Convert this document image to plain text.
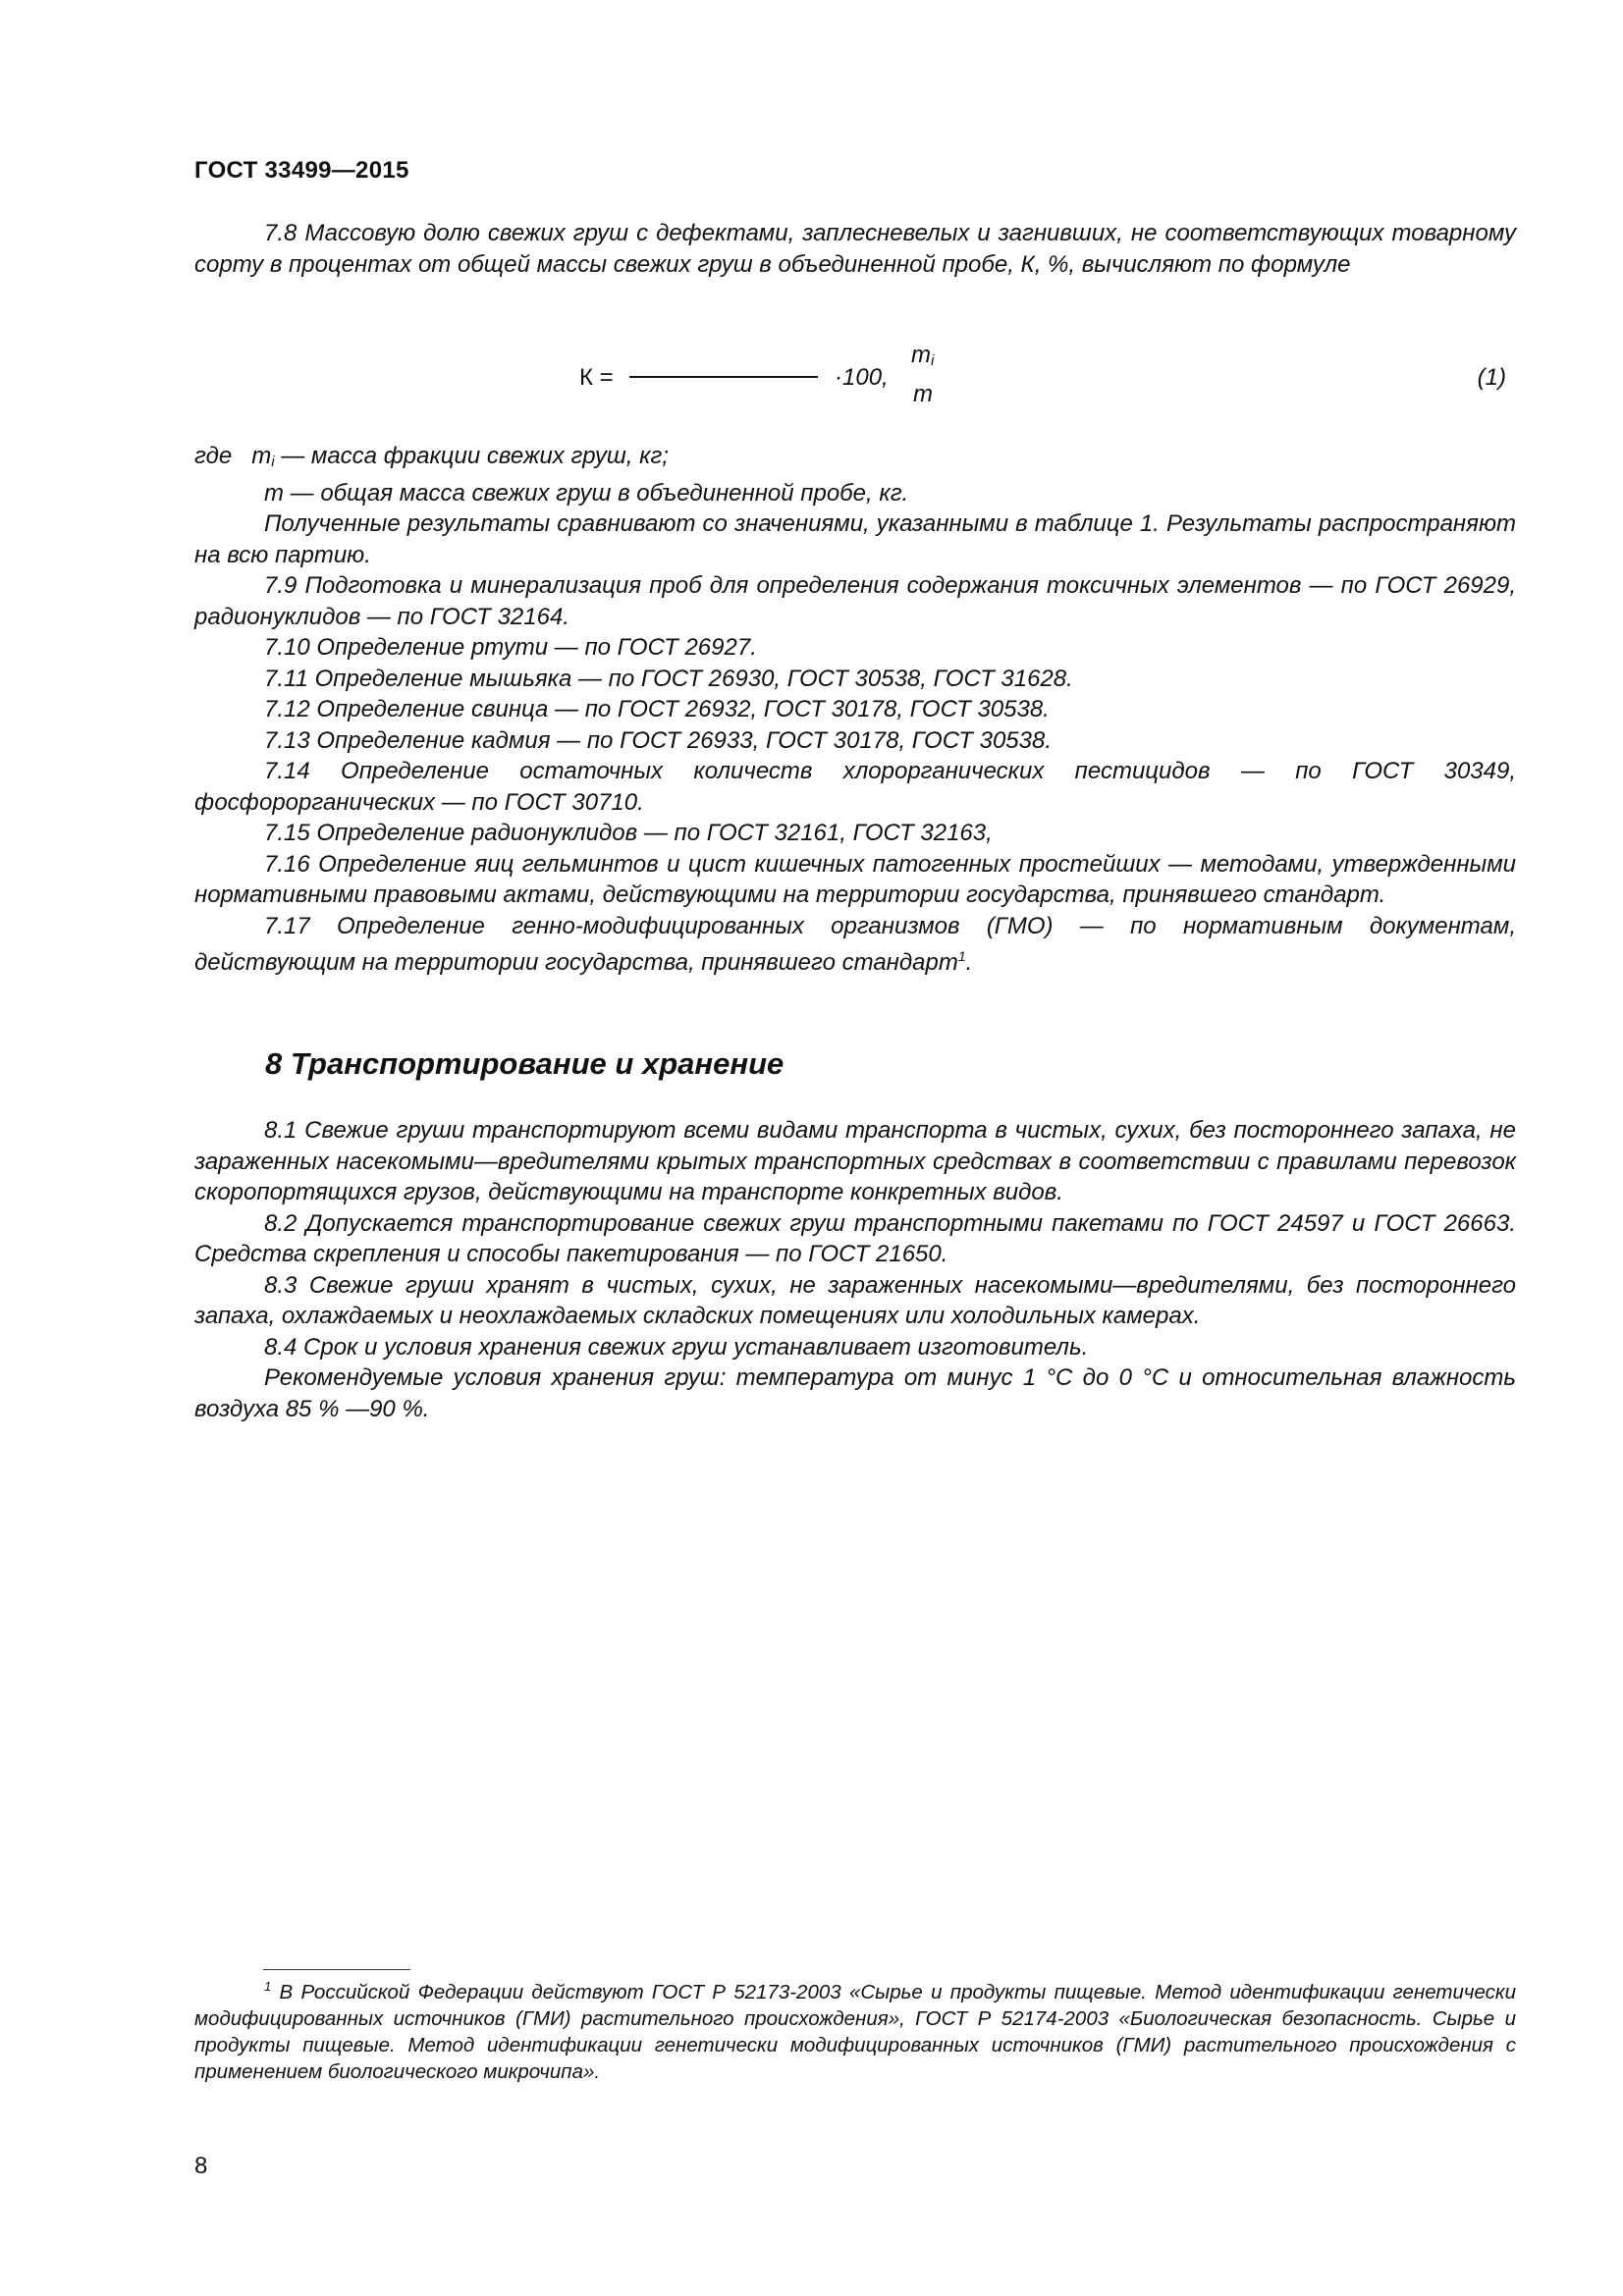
ГОСТ 33499—2015

7.8 Массовую долю свежих груш с дефектами, заплесневелых и загнивших, не соответствующих товарному сорту в процентах от общей массы свежих груш в объединенной пробе, К, %, вычисляют по формуле

К =
$m_i$
m
·100,	(1)

где $m_i$ — масса фракции свежих груш, кг;

m — общая масса свежих груш в объединенной пробе, кг.

Полученные результаты сравнивают со значениями, указанными в таблице 1. Результаты распространяют на всю партию.

7.9 Подготовка и минерализация проб для определения содержания токсичных элементов — по ГОСТ 26929, радионуклидов — по ГОСТ 32164.

7.10 Определение ртути — по ГОСТ 26927.

7.11 Определение мышьяка — по ГОСТ 26930, ГОСТ 30538, ГОСТ 31628.

7.12 Определение свинца — по ГОСТ 26932, ГОСТ 30178, ГОСТ 30538.

7.13 Определение кадмия — по ГОСТ 26933, ГОСТ 30178, ГОСТ 30538.

7.14 Определение остаточных количеств хлорорганических пестицидов — по ГОСТ 30349, фосфорорганических — по ГОСТ 30710.

7.15 Определение радионуклидов — по ГОСТ 32161, ГОСТ 32163,

7.16 Определение яиц гельминтов и цист кишечных патогенных простейших — методами, утвержденными нормативными правовыми актами, действующими на территории государства, принявшего стандарт.

7.17 Определение генно-модифицированных организмов (ГМО) — по нормативным документам, действующим на территории государства, принявшего стандарт$^1$.

8 Транспортирование и хранение

8.1 Свежие груши транспортируют всеми видами транспорта в чистых, сухих, без постороннего запаха, не зараженных насекомыми—вредителями крытых транспортных средствах в соответствии с правилами перевозок скоропортящихся грузов, действующими на транспорте конкретных видов.

8.2 Допускается транспортирование свежих груш транспортными пакетами по ГОСТ 24597 и ГОСТ 26663. Средства скрепления и способы пакетирования — по ГОСТ 21650.

8.3 Свежие груши хранят в чистых, сухих, не зараженных насекомыми—вредителями, без постороннего запаха, охлаждаемых и неохлаждаемых складских помещениях или холодильных камерах.

8.4 Срок и условия хранения свежих груш устанавливает изготовитель.

Рекомендуемые условия хранения груш: температура от минус 1 °С до 0 °С и относительная влажность воздуха 85 % —90 %.

$^1$ В Российской Федерации действуют ГОСТ Р 52173-2003 «Сырье и продукты пищевые. Метод идентификации генетически модифицированных источников (ГМИ) растительного происхождения», ГОСТ Р 52174-2003 «Биологическая безопасность. Сырье и продукты пищевые. Метод идентификации генетически модифицированных источников (ГМИ) растительного происхождения с применением биологического микрочипа».

8
